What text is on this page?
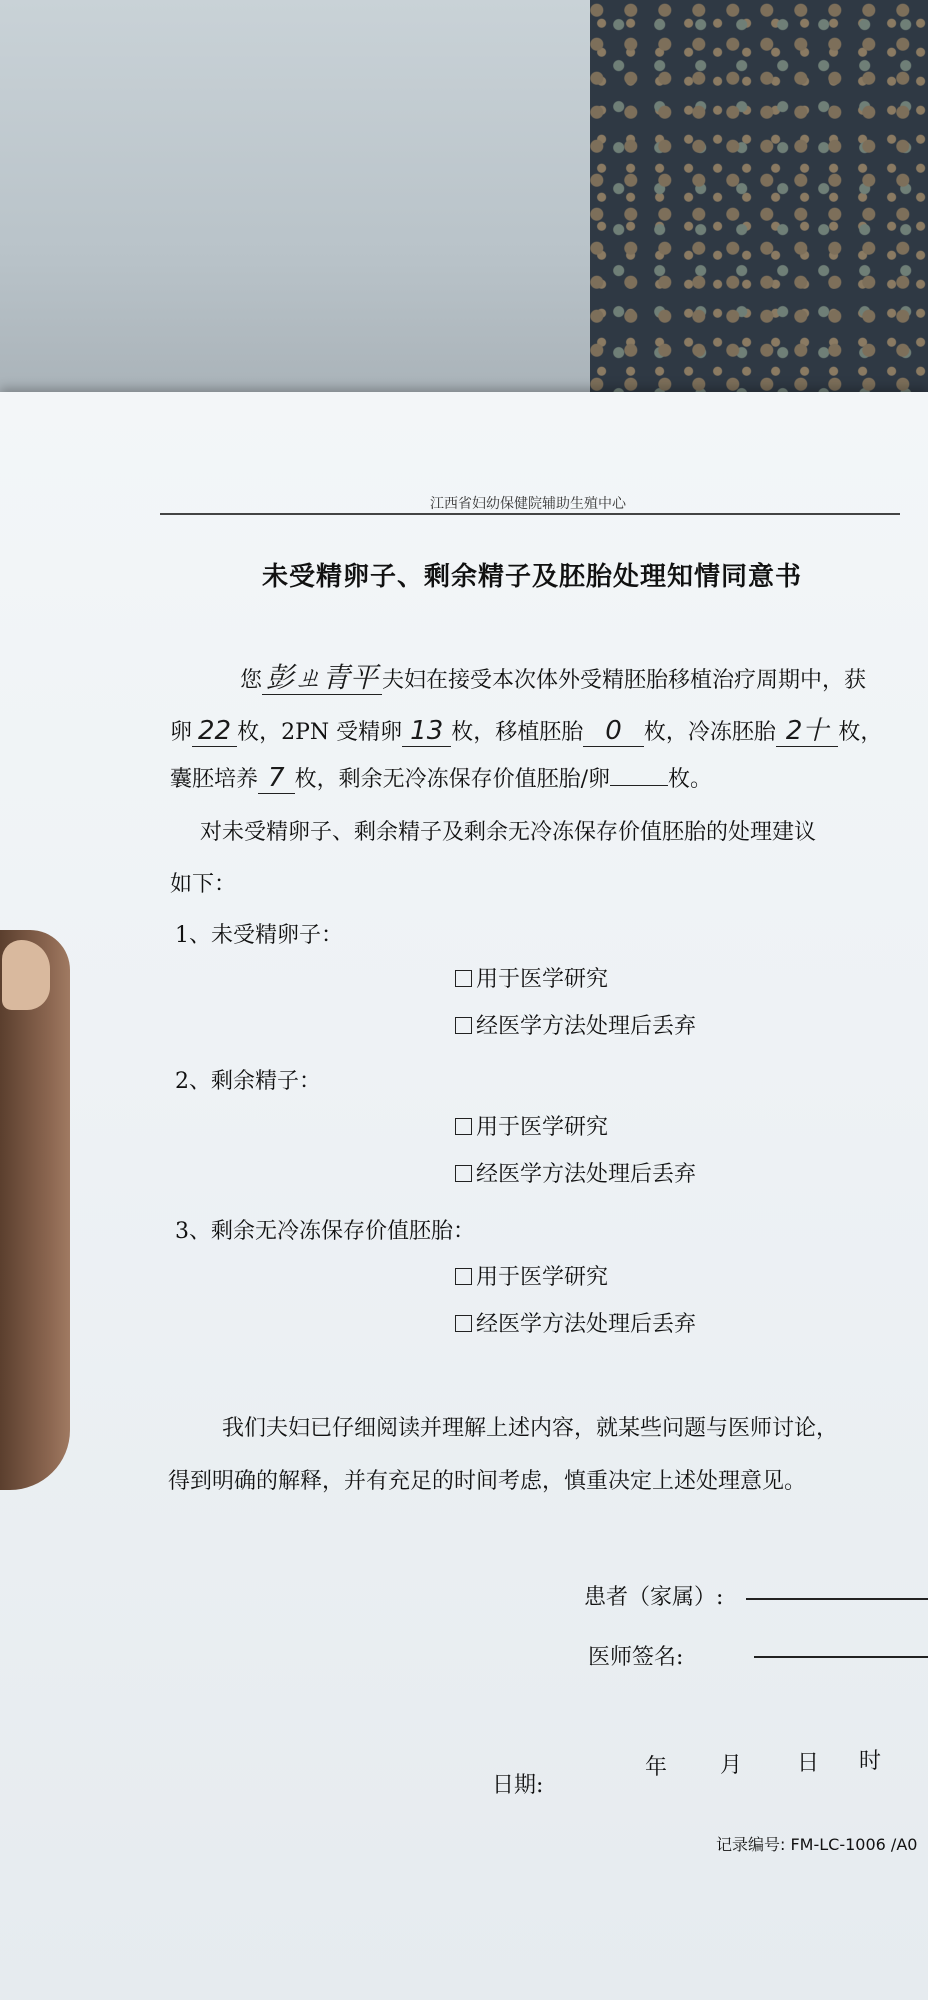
江西省妇幼保健院辅助生殖中心
未受精卵子、剩余精子及胚胎处理知情同意书
您 彭ㄓ青平 夫妇在接受本次体外受精胚胎移植治疗周期中，获
卵 22 枚，2PN 受精卵 13 枚，移植胚胎 0 枚，冷冻胚胎 2十 枚，
囊胚培养 7 枚，剩余无冷冻保存价值胚胎/卵	枚。
对未受精卵子、剩余精子及剩余无冷冻保存价值胚胎的处理建议
如下：
1、未受精卵子：
用于医学研究
经医学方法处理后丢弃
2、剩余精子：
用于医学研究
经医学方法处理后丢弃
3、剩余无冷冻保存价值胚胎：
用于医学研究
经医学方法处理后丢弃
我们夫妇已仔细阅读并理解上述内容，就某些问题与医师讨论，
得到明确的解释，并有充足的时间考虑，慎重决定上述处理意见。
患者（家属）:
医师签名:
日期:
年 月 日 时
记录编号: FM-LC-1006 /A0
